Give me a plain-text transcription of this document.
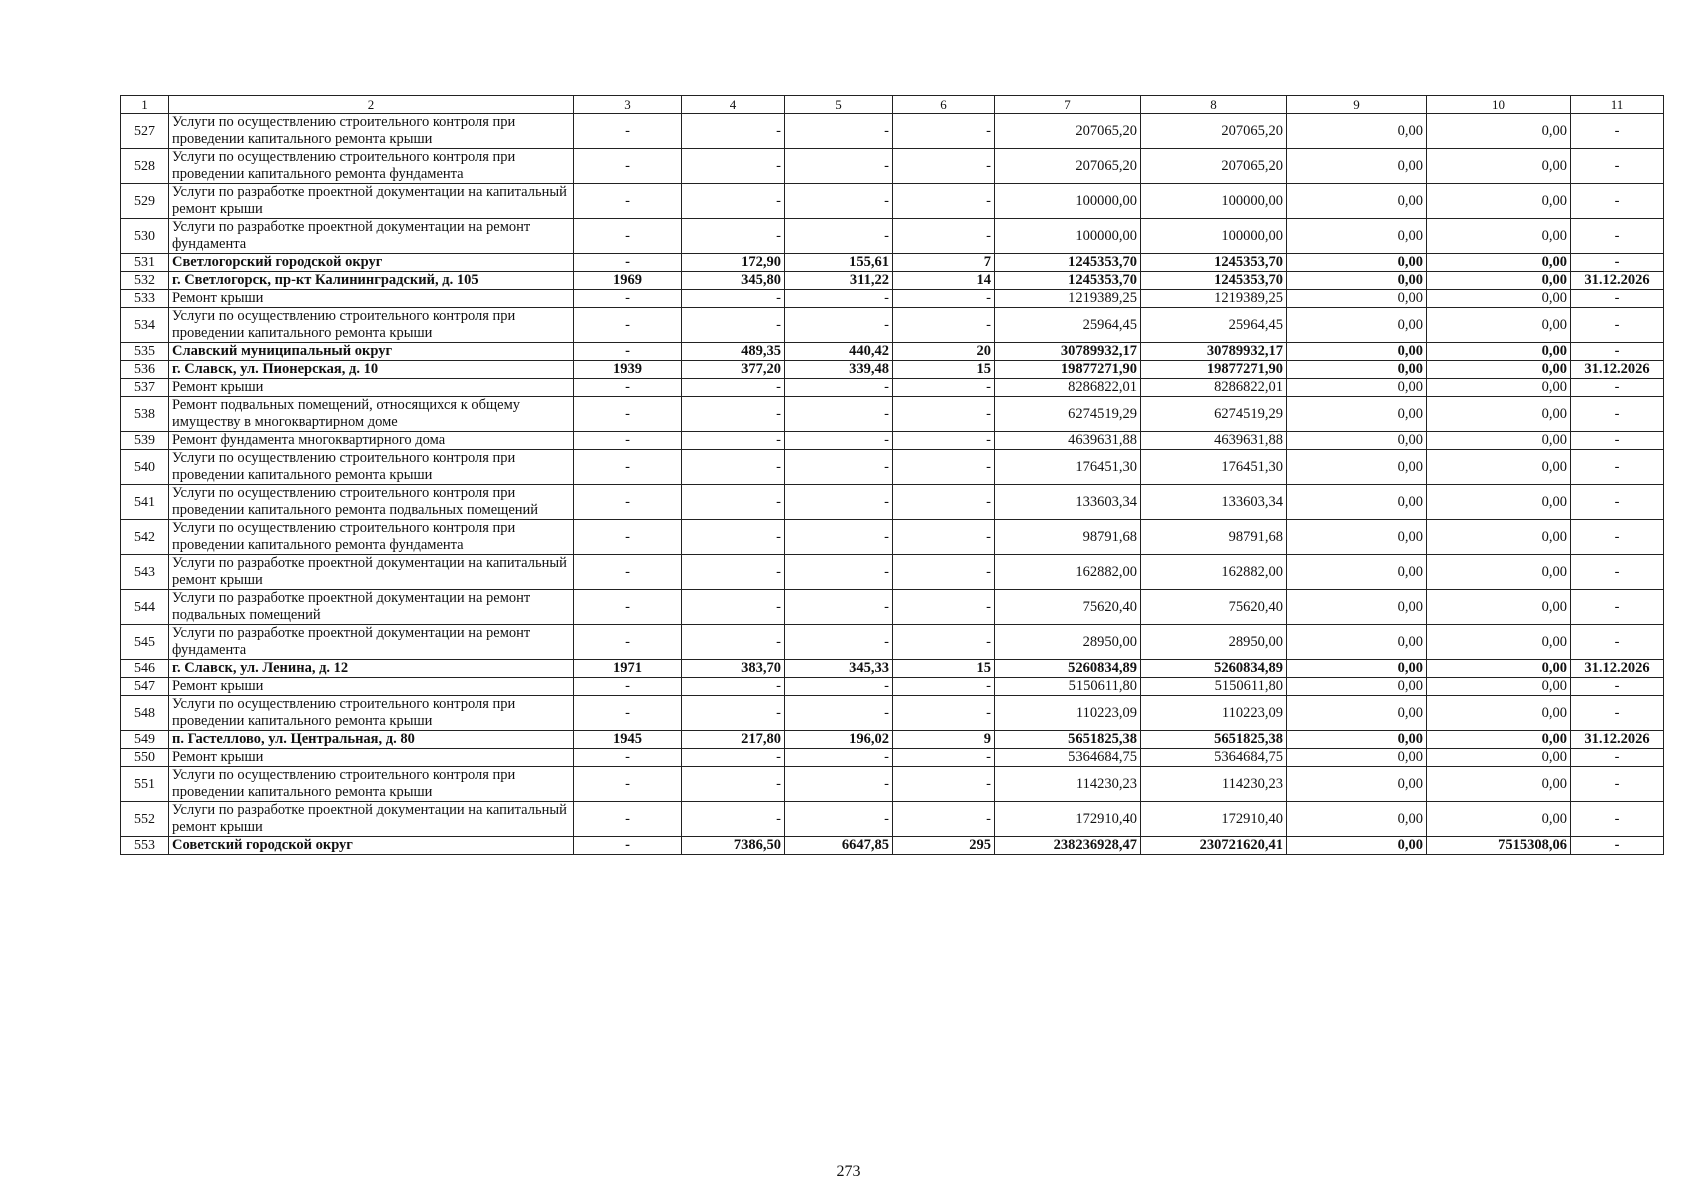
1	2	3	4	5	6	7	8	9	10	11
527	Услуги по осуществлению строительного контроля при проведении капитального ремонта крыши	-	-	-	-	207065,20	207065,20	0,00	0,00	-
528	Услуги по осуществлению строительного контроля при проведении капитального ремонта фундамента	-	-	-	-	207065,20	207065,20	0,00	0,00	-
529	Услуги по разработке проектной документации на капитальный ремонт крыши	-	-	-	-	100000,00	100000,00	0,00	0,00	-
530	Услуги по разработке проектной документации на ремонт фундамента	-	-	-	-	100000,00	100000,00	0,00	0,00	-
531	Светлогорский городской округ	-	172,90	155,61	7	1245353,70	1245353,70	0,00	0,00	-
532	г. Светлогорск, пр-кт Калининградский, д. 105	1969	345,80	311,22	14	1245353,70	1245353,70	0,00	0,00	31.12.2026
533	Ремонт крыши	-	-	-	-	1219389,25	1219389,25	0,00	0,00	-
534	Услуги по осуществлению строительного контроля при проведении капитального ремонта крыши	-	-	-	-	25964,45	25964,45	0,00	0,00	-
535	Славский муниципальный округ	-	489,35	440,42	20	30789932,17	30789932,17	0,00	0,00	-
536	г. Славск, ул. Пионерская, д. 10	1939	377,20	339,48	15	19877271,90	19877271,90	0,00	0,00	31.12.2026
537	Ремонт крыши	-	-	-	-	8286822,01	8286822,01	0,00	0,00	-
538	Ремонт подвальных помещений, относящихся к общему имуществу в многоквартирном доме	-	-	-	-	6274519,29	6274519,29	0,00	0,00	-
539	Ремонт фундамента многоквартирного дома	-	-	-	-	4639631,88	4639631,88	0,00	0,00	-
540	Услуги по осуществлению строительного контроля при проведении капитального ремонта крыши	-	-	-	-	176451,30	176451,30	0,00	0,00	-
541	Услуги по осуществлению строительного контроля при проведении капитального ремонта подвальных помещений	-	-	-	-	133603,34	133603,34	0,00	0,00	-
542	Услуги по осуществлению строительного контроля при проведении капитального ремонта фундамента	-	-	-	-	98791,68	98791,68	0,00	0,00	-
543	Услуги по разработке проектной документации на капитальный ремонт крыши	-	-	-	-	162882,00	162882,00	0,00	0,00	-
544	Услуги по разработке проектной документации на ремонт подвальных помещений	-	-	-	-	75620,40	75620,40	0,00	0,00	-
545	Услуги по разработке проектной документации на ремонт фундамента	-	-	-	-	28950,00	28950,00	0,00	0,00	-
546	г. Славск, ул. Ленина, д. 12	1971	383,70	345,33	15	5260834,89	5260834,89	0,00	0,00	31.12.2026
547	Ремонт крыши	-	-	-	-	5150611,80	5150611,80	0,00	0,00	-
548	Услуги по осуществлению строительного контроля при проведении капитального ремонта крыши	-	-	-	-	110223,09	110223,09	0,00	0,00	-
549	п. Гастеллово, ул. Центральная, д. 80	1945	217,80	196,02	9	5651825,38	5651825,38	0,00	0,00	31.12.2026
550	Ремонт крыши	-	-	-	-	5364684,75	5364684,75	0,00	0,00	-
551	Услуги по осуществлению строительного контроля при проведении капитального ремонта крыши	-	-	-	-	114230,23	114230,23	0,00	0,00	-
552	Услуги по разработке проектной документации на капитальный ремонт крыши	-	-	-	-	172910,40	172910,40	0,00	0,00	-
553	Советский городской округ	-	7386,50	6647,85	295	238236928,47	230721620,41	0,00	7515308,06	-
273
